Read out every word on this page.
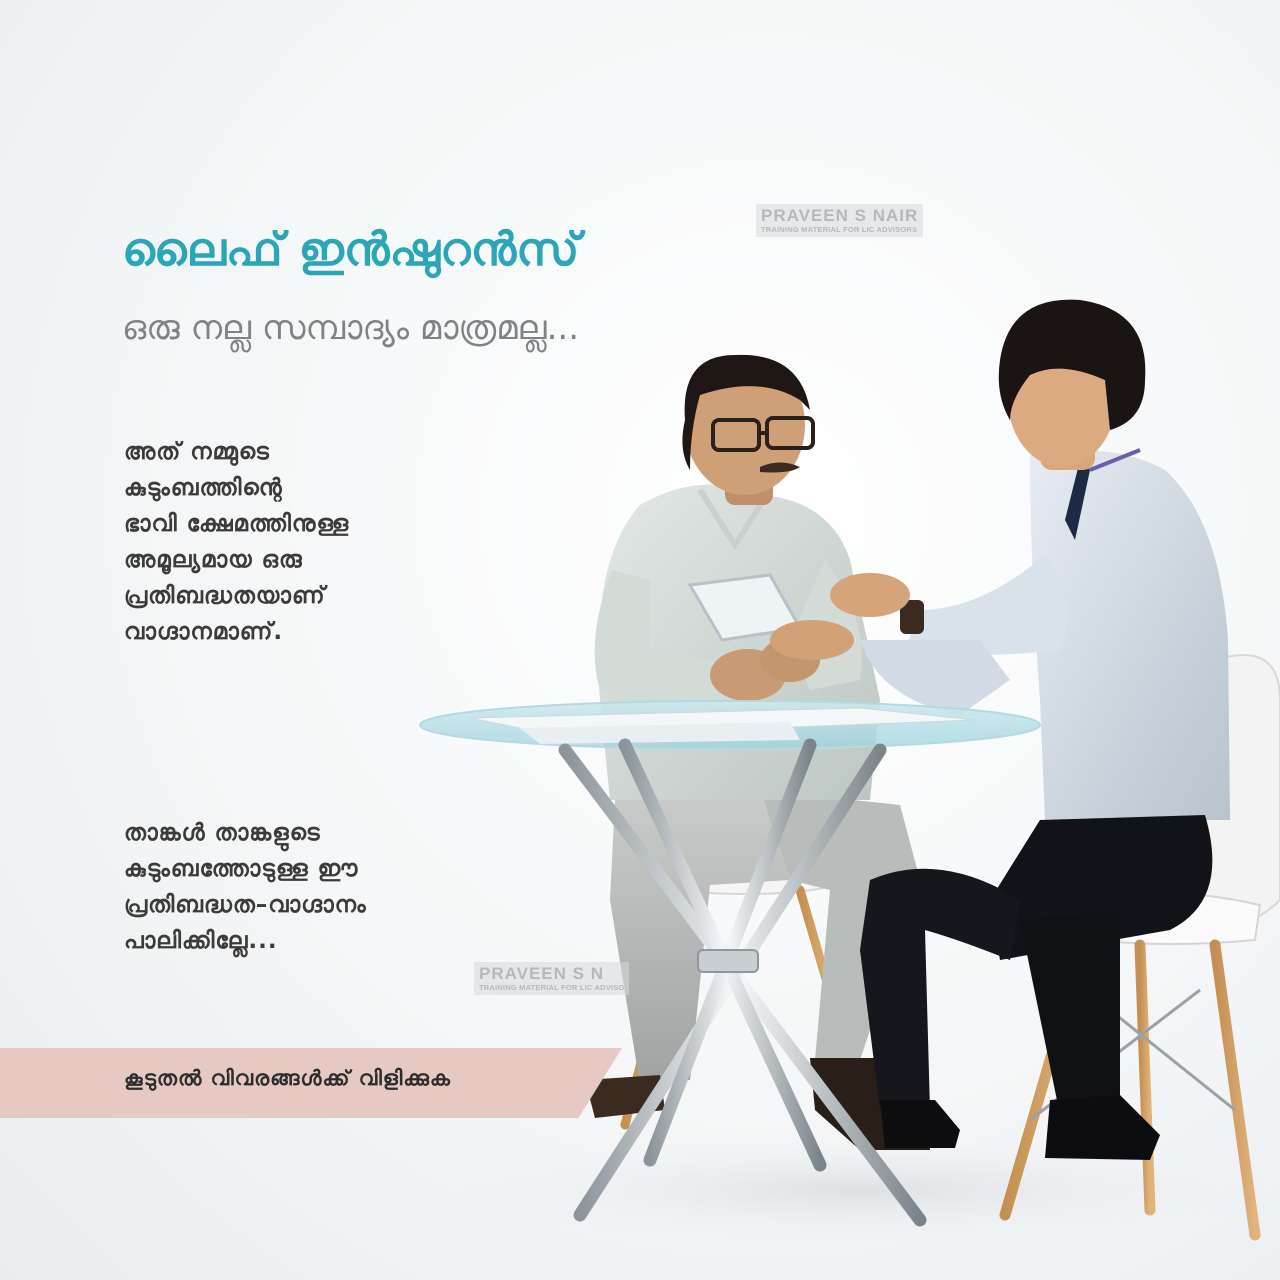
ലൈഫ് ഇൻഷുറൻസ്
ഒരു നല്ല സമ്പാദ്യം മാത്രമല്ല...
അത് നമ്മുടെ
കുടുംബത്തിന്റെ
ഭാവി ക്ഷേമത്തിനുള്ള
അമൂല്യമായ ഒരു
പ്രതിബദ്ധതയാണ്
വാഗ്ദാനമാണ്.
താങ്കൾ താങ്കളുടെ
കുടുംബത്തോടുള്ള ഈ
പ്രതിബദ്ധത–വാഗ്ദാനം
പാലിക്കില്ലേ...
കൂടുതൽ വിവരങ്ങൾക്ക് വിളിക്കുക
PRAVEEN S NAIR
TRAINING MATERIAL FOR LIC ADVISORS
PRAVEEN S N
TRAINING MATERIAL FOR LIC ADVISO
